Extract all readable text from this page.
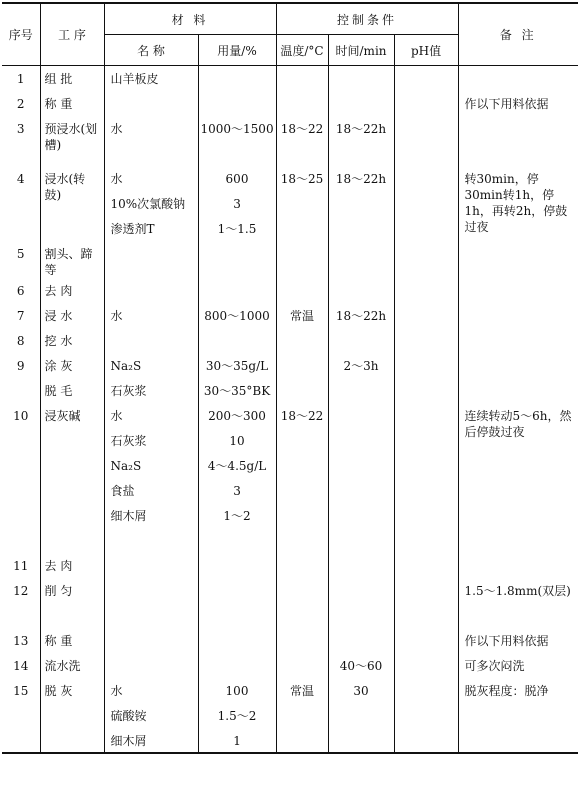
序号	工 序	材 料		控制条件			备 注
		名 称	用量/%	温度/°C	时间/min	pH值	
1	组 批	山羊板皮					
2	称 重						作以下用料依据
3	预浸水(划槽)	水	1000～1500	18～22	18～22h		

4	浸水(转鼓)	水	600	18～25	18～22h		转30min，停30min转1h，停1h，再转2h，停鼓过夜
		10%次氯酸钠	3				
		渗透剂T	1～1.5				
5	割头、蹄等						
6	去 肉						
7	浸 水	水	800～1000	常温	18～22h		
8	挖 水						
9	涂 灰	Na₂S	30～35g/L		2～3h		
	脱 毛	石灰浆	30～35°BK				
10	浸灰碱	水	200～300	18～22			连续转动5～6h，然后停鼓过夜
		石灰浆	10				
		Na₂S	4～4.5g/L				
		食盐	3				
		细木屑	1～2				

11	去 肉						
12	削 匀						1.5～1.8mm(双层)

13	称 重						作以下用料依据
14	流水洗				40～60		可多次闷洗
15	脱 灰	水	100	常温	30		脱灰程度：脱净
		硫酸铵	1.5～2				
		细木屑	1				
